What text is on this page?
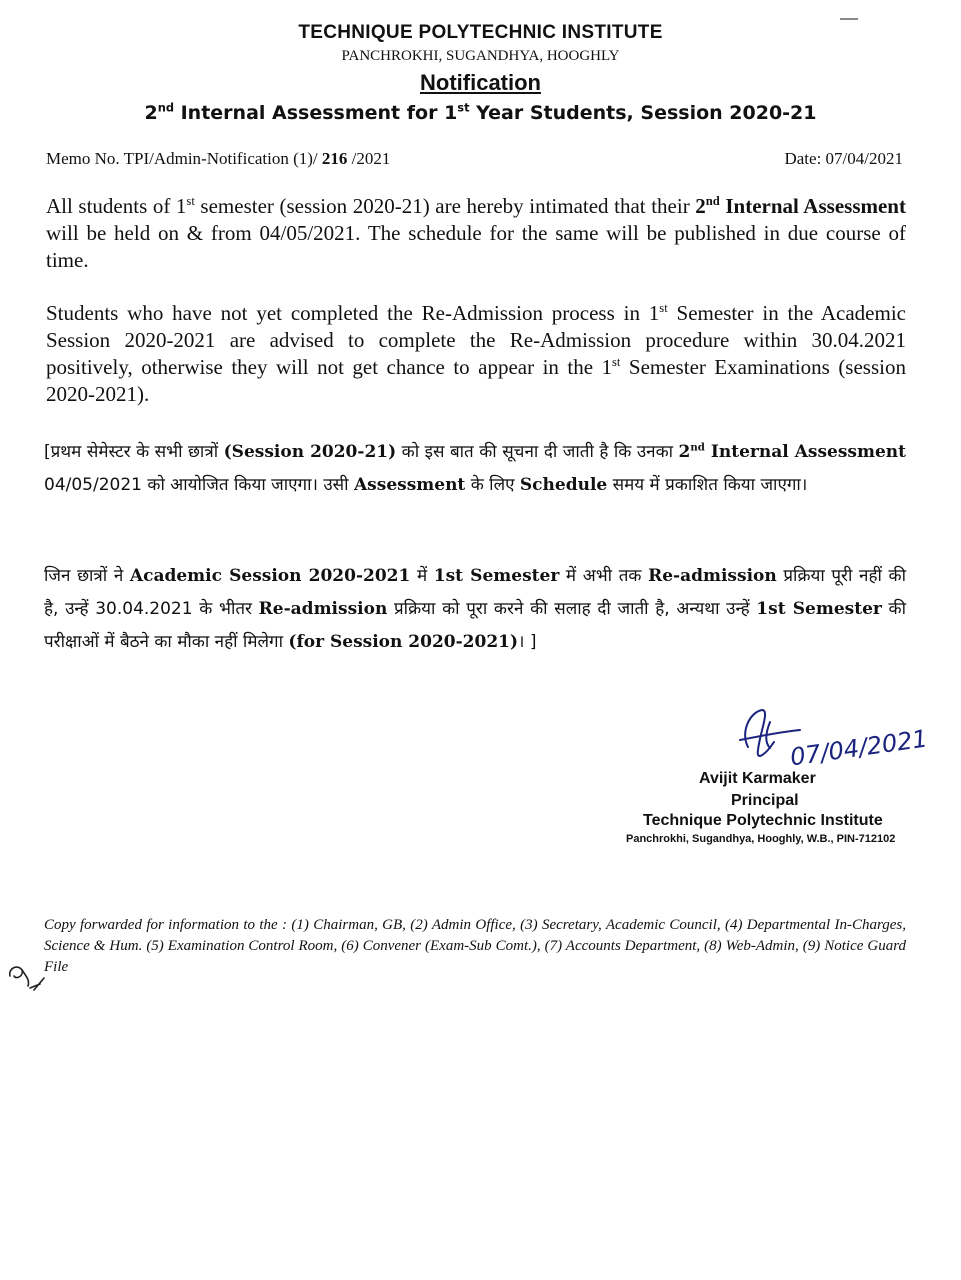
TECHNIQUE POLYTECHNIC INSTITUTE
PANCHROKHI, SUGANDHYA, HOOGHLY
Notification
2nd Internal Assessment for 1st Year Students, Session 2020-21
Memo No. TPI/Admin-Notification (1)/ 216 /2021	Date: 07/04/2021
All students of 1st semester (session 2020-21) are hereby intimated that their 2nd Internal Assessment will be held on & from 04/05/2021. The schedule for the same will be published in due course of time.
Students who have not yet completed the Re-Admission process in 1st Semester in the Academic Session 2020-2021 are advised to complete the Re-Admission procedure within 30.04.2021 positively, otherwise they will not get chance to appear in the 1st Semester Examinations (session 2020-2021).
[प्रथम सेमेस्टर के सभी छात्रों (Session 2020-21) को इस बात की सूचना दी जाती है कि उनका 2nd Internal Assessment 04/05/2021 को आयोजित किया जाएगा। उसी Assessment के लिए Schedule समय में प्रकाशित किया जाएगा।
जिन छात्रों ने Academic Session 2020-2021 में 1st Semester में अभी तक Re-admission प्रक्रिया पूरी नहीं की है, उन्हें 30.04.2021 के भीतर Re-admission प्रक्रिया को पूरा करने की सलाह दी जाती है, अन्यथा उन्हें 1st Semester की परीक्षाओं में बैठने का मौका नहीं मिलेगा (for Session 2020-2021)। ]
07/04/2021
Avijit Karmaker
Principal
Technique Polytechnic Institute
Panchrokhi, Sugandhya, Hooghly, W.B., PIN-712102
Copy forwarded for information to the : (1) Chairman, GB, (2) Admin Office, (3) Secretary, Academic Council, (4) Departmental In-Charges, Science & Hum. (5) Examination Control Room, (6) Convener (Exam-Sub Comt.), (7) Accounts Department, (8) Web-Admin, (9) Notice Guard File
